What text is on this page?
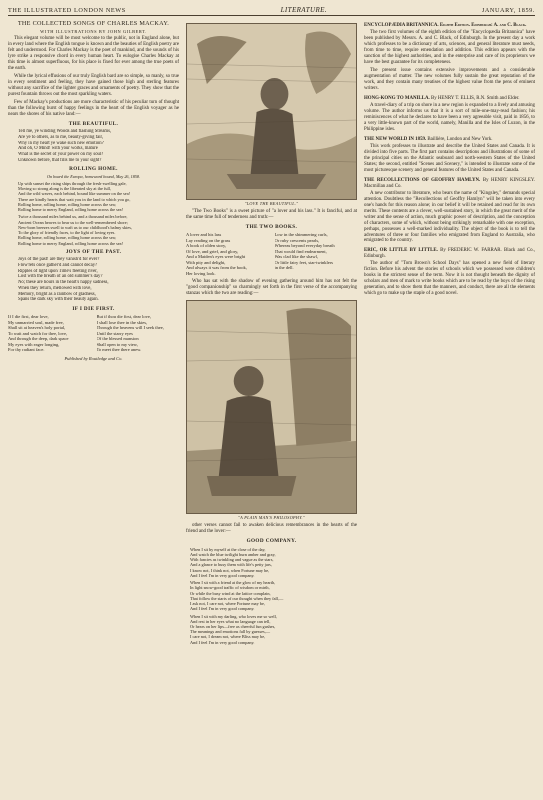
THE ILLUSTRATED LONDON NEWS	LITERATURE.	JANUARY, 1859.
THE COLLECTED SONGS OF CHARLES MACKAY.
WITH ILLUSTRATIONS BY JOHN GILBERT.

This elegant volume will be most welcome to the public, not in England alone, but in every land where the English tongue is known and the beauties of English poetry are felt and understood. For Charles Mackay is the poet of mankind, and the sounds of his lyre strike a responsive chord in every human heart. To eulogise Charles Mackay at this time is almost superfluous, for his place is fixed for ever among the true poets of the earth.

While the lyrical effusions of our truly English bard are so simple, so manly, so true in every sentiment and feeling, they have gained those high and sterling features without any sacrifice of the lighter graces and ornaments of poetry. They show that the purest fountain throws out the most sparkling waters.

Few of Mackay's productions are more characteristic of his peculiar turn of thought than the following burst of happy feelings in the heart of the English voyager as he nears the shores of his native land:—

THE BEAUTIFUL.
Tell me, ye winding Woods and flashing Streams,
Are ye to others, as to me, beauty-giving fair,
Why in my heart ye wake such new emotion?
And oh, O Mind! with your works, mature
What is the secret of your power on my soul?
Unknown before, that fills me to your sight?
ROLLING HOME.
On board the Europa, homeward bound, May 26, 1858.
Up with sunset the rising ships through the fresh-swelling gale,
Moving so strong along is the liberated sky at the full,
And the wild waves, each behind, bound like summer on the sea!
There are kindly hearts that wait you in the land to which you go,
Rolling home, rolling home, rolling home across the sea;
Rolling home to merry England, rolling home across the sea!
Twice a thousand miles behind us, and a thousand miles before,
Ancient Ocean heaves to bear us to the well-remembered shore;
New-born breezes swell to waft us to our childhood's balmy skies,
To the glory of friendly faces, to the light of loving eyes.
Rolling home, rolling home, rolling home across the sea;
Rolling home to merry England, rolling home across the sea!
JOYS OF THE PAST.
Joys of the past! are they vanish'd for ever?
Flow'rets once gather'd and cannot decay?
Ripples of light upon Time's fleeting river,
Lost with the breath of an old summer's day?
No; these are hours in the heart's happy sadness,
When they return, mellowed with love,
Memory, bright as a rainbow of gladness,
Spans the dark sky with their beauty again.
IF I DIE FIRST.
If I die first, dear love,
My unmarried soul, made free,
Shall sit at heaven's holy portal,
To wait and watch for thee, love,
And through the deep, dark space
My eyes with eager longing,
For thy radiant face.
But if thou die first, dear love,
I shall lose thee in the skies,
Through the heavens will I seek thee,
Until the starry eyes
Of the blessed mansion
Shall open to my view,
To meet thee there anew.
Published by Routledge and Co.
"LOVE THE BEAUTIFUL."

"The Two Books" is a sweet picture of "a lover and his lass." It is fanciful, and at the same time full of tenderness and truth:—

THE TWO BOOKS.
A lover and his lass
Lay reading on the grass
A book of olden story,
Of love, and grief, and glory,
And a Maiden's eyes were bright
With pity and delight,
And always it was from the book,
Her loving look.
Low in the shimmering curls,
Or ruby crescents pearls,
Whereas beyond everyday breath
That would find endearment,
Was clad like the shawl,
Or little fairy feet, star-twinklers
in the dell.

Who has sat with the shadow of evening gathering around him has not felt the "good companionship" so charmingly set forth in the first verse of the accompanying stanzas which the two are reading:—

"A PLAIN MAN'S PHILOSOPHY."

other verses cannot fail to awaken delicious remembrances in the hearts of the friend and the lover:—

GOOD COMPANY.
When I sit by myself at the close of the day,
And watch the blue twilight burn amber and gray,
With fancies as twinkling and vague as the stars,
And a glance to busy them with life's petty jars,
I know not, I think not, when Fortune may be,
And I feel I'm in very good company.
When I sit with a friend at the glow of my hearth,
In light snow-good traffic of wisdom or mirth,
Or while the busy wind at the lattice complain,
That follow the starts of our thought when they fall,—
I ask not, I care not, where Fortune may be,
And I feel I'm in very good company.
When I sit with my darling, who loves me so well,
And rest in her eyes what no language can tell,
Or hears on her lips—free as cheerful fun gushes,
The meanings and emotions fall by guesses,—
I care not, I dream not, where Bliss may be,
And I feel I'm in very good company.
ENCYCLOPÆDIA BRITANNICA. Eighth Edition. Edinburgh: A. and C. Black.

The two first volumes of the eighth edition of the "Encyclopædia Britannica" have been published by Messrs. A. and C. Black, of Edinburgh. In the present day a work which professes to be a dictionary of arts, sciences, and general literature must needs, from time to time, require emendation and addition. This edition appears with the sanction of the highest authorities, and in the enterprise and care of its proprietors we have the best guarantee for its completeness.

The present issue contains extensive improvements and a considerable augmentation of matter. The new volumes fully sustain the great reputation of the work, and they contain many treatises of the highest value from the pens of eminent writers.

HONG-KONG TO MANILLA. By HENRY T. ELLIS, R.N. Smith and Elder.

A travel-diary of a trip on shore in a new region is expanded to a lively and amusing volume. The author informs us that it is a sort of mile-one-may-read fashion; his reminiscences of what he declares to have been a very agreeable visit, paid in 1856, to a very little-known part of the world, namely, Manilla and the Isles of Luzon, in the Philippine isles.

THE NEW WORLD IN 1859. Baillière, London and New York.

This work professes to illustrate and describe the United States and Canada. It is divided into five parts. The first part contains descriptions and illustrations of some of the principal cities on the Atlantic seaboard and north-western States of the United States; the second, entitled "Scenes and Scenery," is intended to illustrate some of the most picturesque scenery and general features of the United States and Canada.

THE RECOLLECTIONS OF GEOFFRY HAMLYN. By HENRY KINGSLEY. Macmillan and Co.

A new contributor to literature, who bears the name of "Kingsley," demands special attention. Doubtless the "Recollections of Geoffry Hamlyn" will be taken into every one's hands for this reason alone; in our belief it will be retained and read for its own merits. These contents are a clever, well-sustained story, in which the great merit of the writer and the sense of action, much graphic power of description, and the conception of characters, some of which, without being strikingly remarkable with one exception, perhaps, possesses a well-marked individuality. The object of the book is to tell the adventures of three or four families who emigrated from England to Australia, who emigrated to the country.

ERIC, OR LITTLE BY LITTLE. By FREDERIC W. FARRAR. Black and Co., Edinburgh.

The author of "Tom Brown's School Days" has opened a new field of literary fiction. Before his advent the stories of schools which we possessed were children's books in the strictest sense of the term. Now it is not thought beneath the dignity of scholars and men of mark to write books which are to be read by the boys of the rising generation, and to show them that the manners, and conduct, there are all the elements which go to make up the staple of a good novel.
